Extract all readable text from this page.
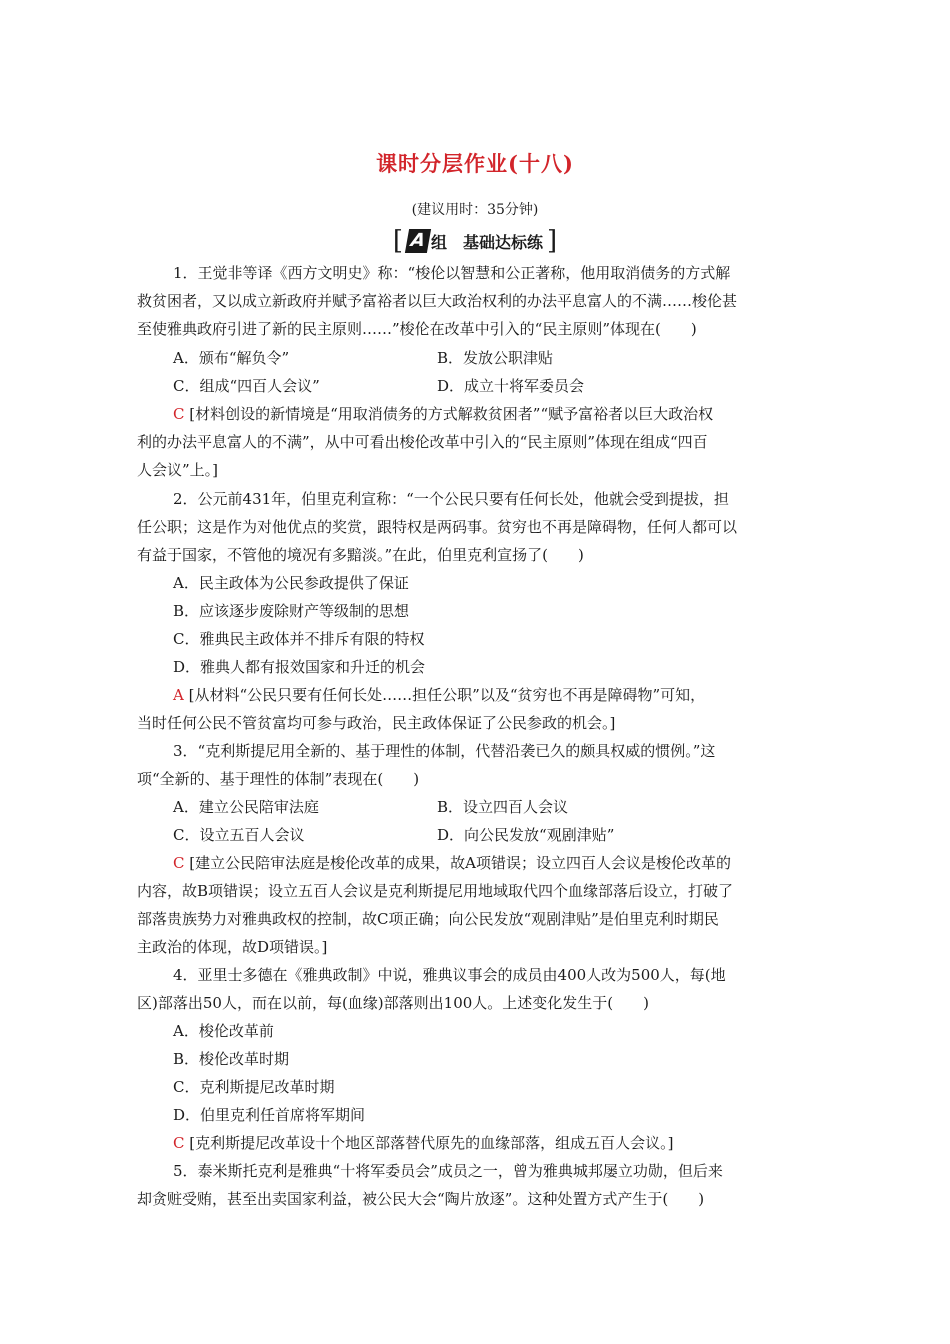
课时分层作业(十八)
(建议用时：35分钟)
[ A 组 基础达标练 ]
1．王觉非等译《西方文明史》称：“梭伦以智慧和公正著称，他用取消债务的方式解
救贫困者，又以成立新政府并赋予富裕者以巨大政治权利的办法平息富人的不满……梭伦甚
至使雅典政府引进了新的民主原则……”梭伦在改革中引入的“民主原则”体现在( )
A．颁布“解负令”	B．发放公职津贴
C．组成“四百人会议”	D．成立十将军委员会
C [材料创设的新情境是“用取消债务的方式解救贫困者”“赋予富裕者以巨大政治权
利的办法平息富人的不满”，从中可看出梭伦改革中引入的“民主原则”体现在组成“四百
人会议”上。]
2．公元前431年，伯里克利宣称：“一个公民只要有任何长处，他就会受到提拔，担
任公职；这是作为对他优点的奖赏，跟特权是两码事。贫穷也不再是障碍物，任何人都可以
有益于国家，不管他的境况有多黯淡。”在此，伯里克利宣扬了( )
A．民主政体为公民参政提供了保证
B．应该逐步废除财产等级制的思想
C．雅典民主政体并不排斥有限的特权
D．雅典人都有报效国家和升迁的机会
A [从材料“公民只要有任何长处……担任公职”以及“贫穷也不再是障碍物”可知，
当时任何公民不管贫富均可参与政治，民主政体保证了公民参政的机会。]
3．“克利斯提尼用全新的、基于理性的体制，代替沿袭已久的颇具权威的惯例。”这
项“全新的、基于理性的体制”表现在( )
A．建立公民陪审法庭	B．设立四百人会议
C．设立五百人会议	D．向公民发放“观剧津贴”
C [建立公民陪审法庭是梭伦改革的成果，故A项错误；设立四百人会议是梭伦改革的
内容，故B项错误；设立五百人会议是克利斯提尼用地域取代四个血缘部落后设立，打破了
部落贵族势力对雅典政权的控制，故C项正确；向公民发放“观剧津贴”是伯里克利时期民
主政治的体现，故D项错误。]
4．亚里士多德在《雅典政制》中说，雅典议事会的成员由400人改为500人，每(地
区)部落出50人，而在以前，每(血缘)部落则出100人。上述变化发生于( )
A．梭伦改革前
B．梭伦改革时期
C．克利斯提尼改革时期
D．伯里克利任首席将军期间
C [克利斯提尼改革设十个地区部落替代原先的血缘部落，组成五百人会议。]
5．泰米斯托克利是雅典“十将军委员会”成员之一，曾为雅典城邦屡立功勋，但后来
却贪赃受贿，甚至出卖国家利益，被公民大会“陶片放逐”。这种处置方式产生于( )
